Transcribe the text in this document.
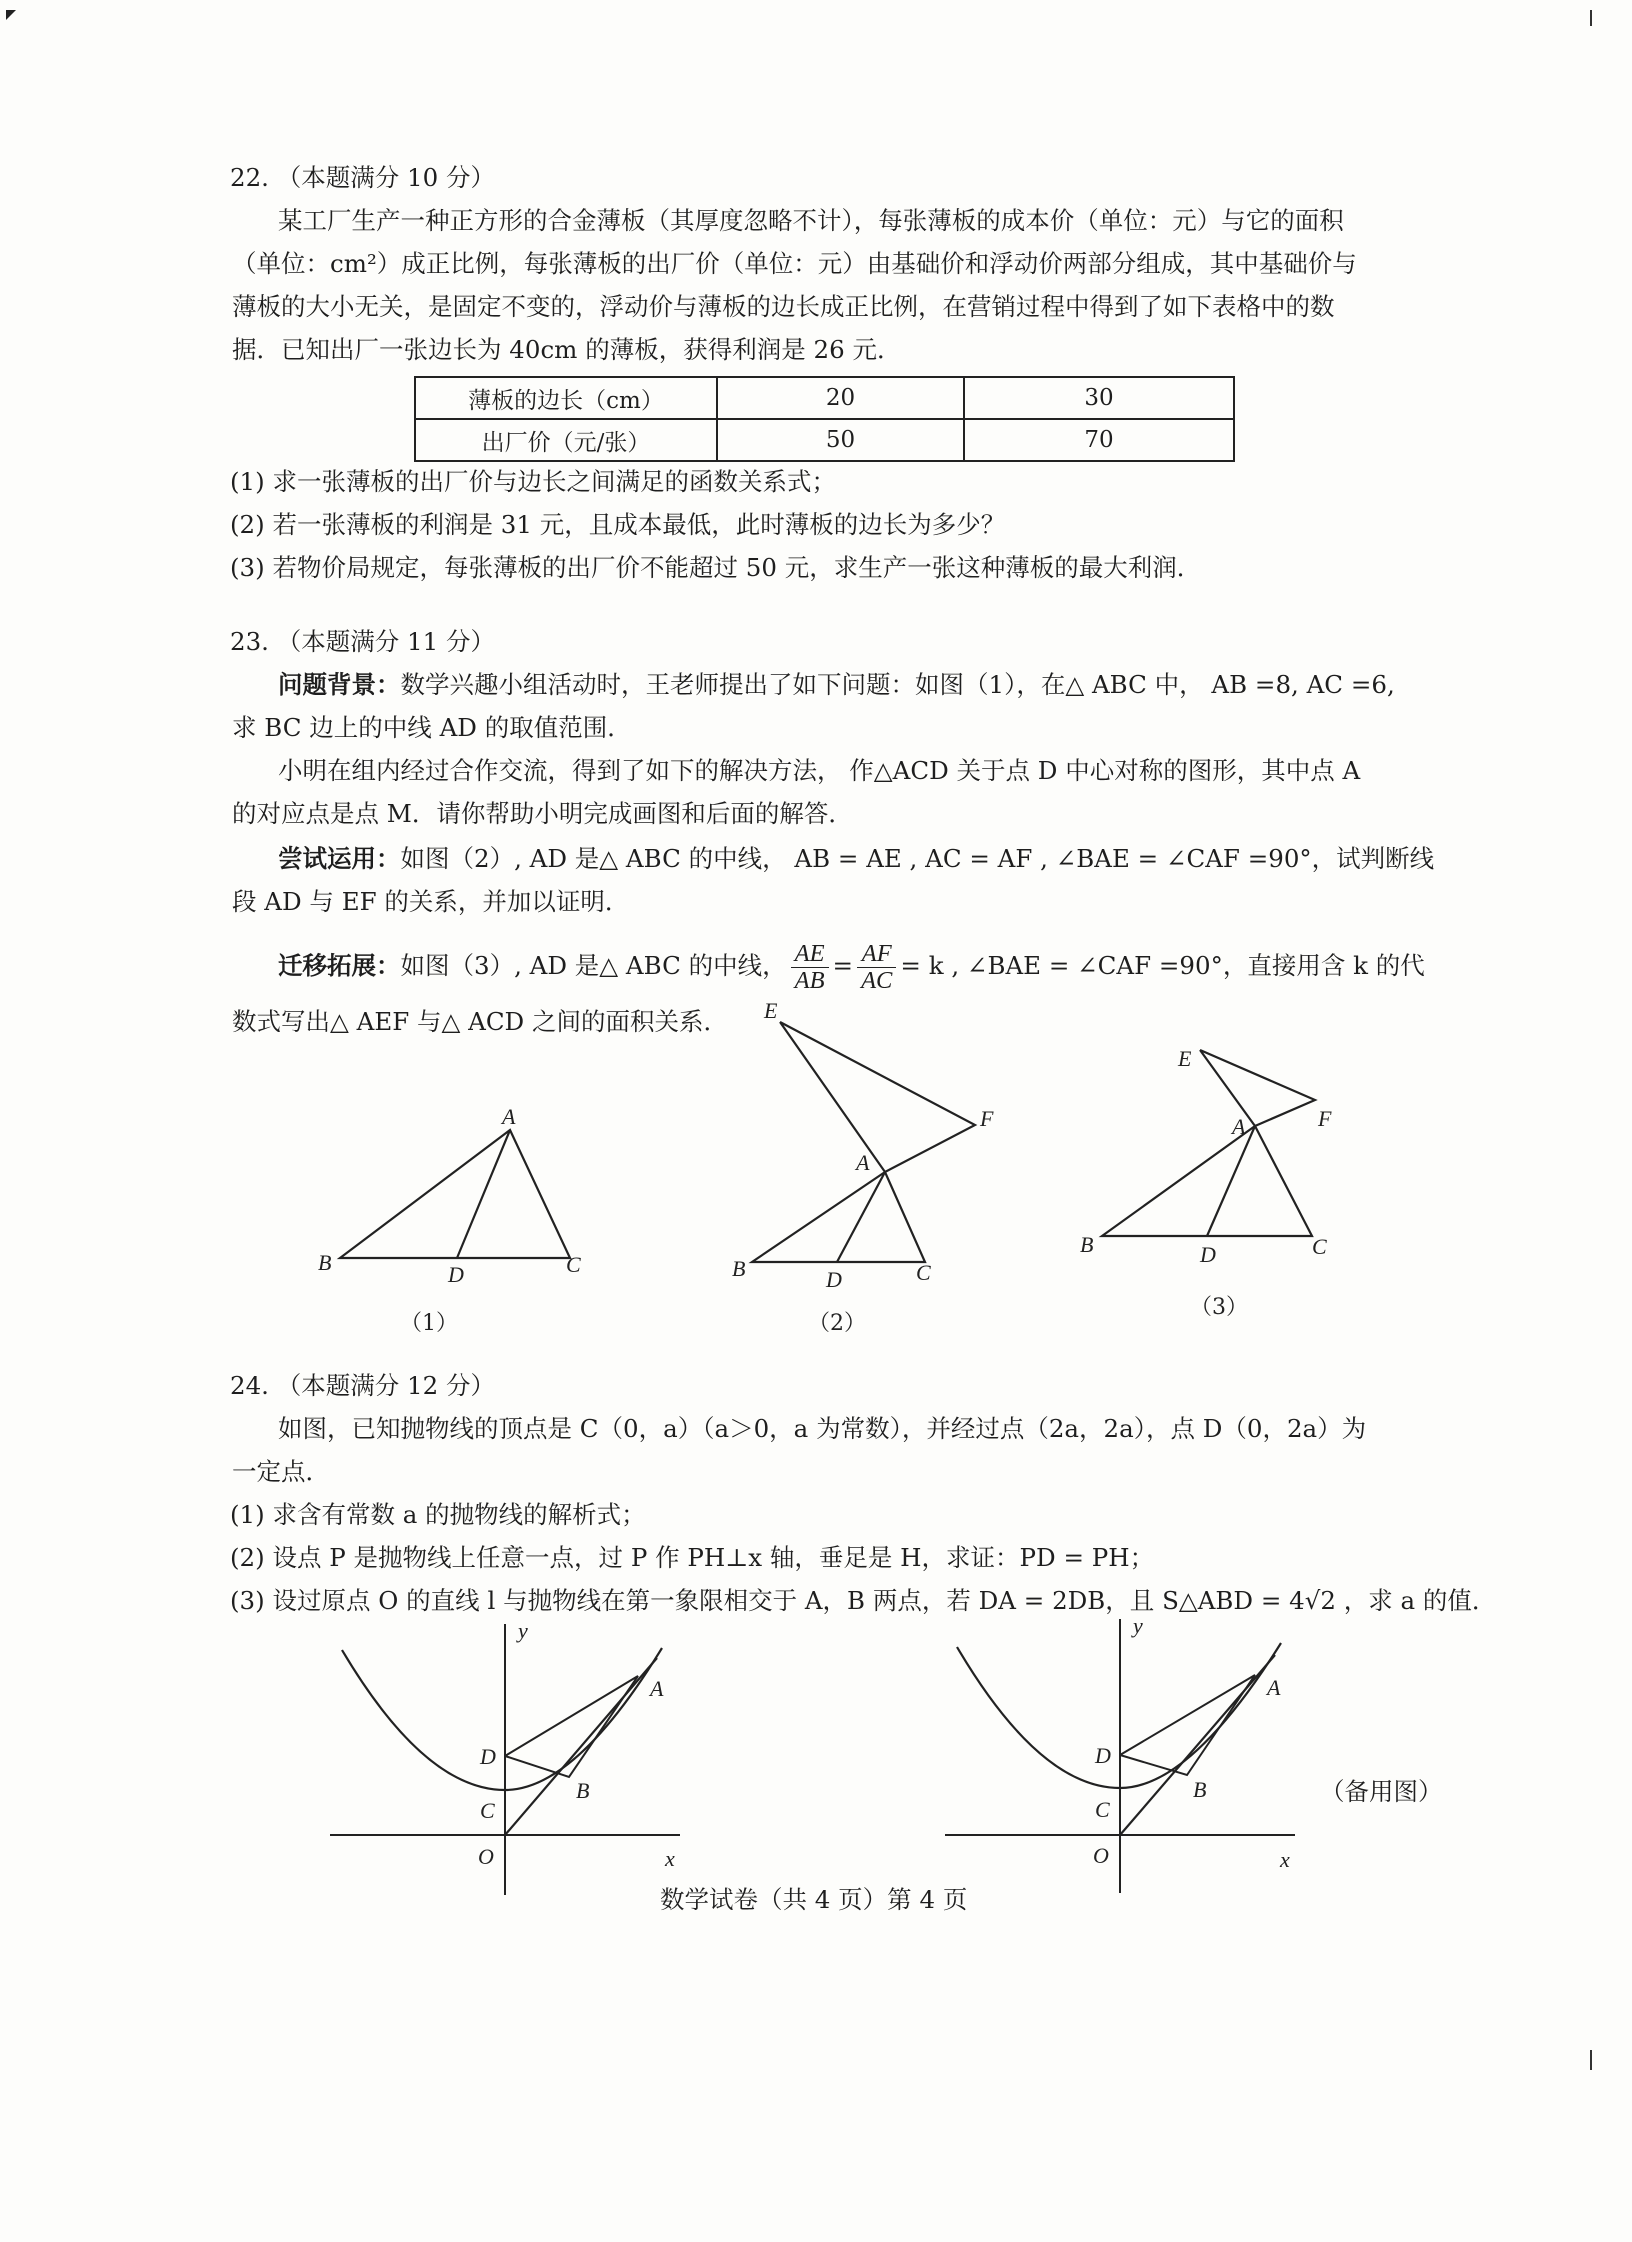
22. （本题满分 10 分）
某工厂生产一种正方形的合金薄板（其厚度忽略不计），每张薄板的成本价（单位：元）与它的面积
（单位：cm²）成正比例，每张薄板的出厂价（单位：元）由基础价和浮动价两部分组成，其中基础价与
薄板的大小无关，是固定不变的，浮动价与薄板的边长成正比例，在营销过程中得到了如下表格中的数
据．已知出厂一张边长为 40cm 的薄板，获得利润是 26 元．
薄板的边长（cm）	20	30
出厂价（元/张）	50	70
(1) 求一张薄板的出厂价与边长之间满足的函数关系式；
(2) 若一张薄板的利润是 31 元，且成本最低，此时薄板的边长为多少？
(3) 若物价局规定，每张薄板的出厂价不能超过 50 元，求生产一张这种薄板的最大利润．
23. （本题满分 11 分）
问题背景：数学兴趣小组活动时，王老师提出了如下问题：如图（1），在△ ABC 中， AB =8, AC =6,
求 BC 边上的中线 AD 的取值范围．
小明在组内经过合作交流，得到了如下的解决方法， 作△ACD 关于点 D 中心对称的图形，其中点 A
的对应点是点 M．请你帮助小明完成画图和后面的解答．
尝试运用：如图（2）, AD 是△ ABC 的中线， AB = AE , AC = AF , ∠BAE = ∠CAF =90°，试判断线
段 AD 与 EF 的关系，并加以证明．
迁移拓展：如图（3）, AD 是△ ABC 的中线， $\frac{AE}{AB} = \frac{AF}{AC} = k$ , ∠BAE = ∠CAF =90°，直接用含 k 的代
数式写出△ AEF 与△ ACD 之间的面积关系．
A
B	D	C
（1）
E
F
A
B	D	C
（2）
E
F
A
B	D	C
（3）
24. （本题满分 12 分）
如图，已知抛物线的顶点是 C（0，a）（a＞0，a 为常数），并经过点（2a，2a），点 D（0，2a）为
一定点．
(1) 求含有常数 a 的抛物线的解析式；
(2) 设点 P 是抛物线上任意一点，过 P 作 PH⊥x 轴，垂足是 H，求证：PD = PH；
(3) 设过原点 O 的直线 l 与抛物线在第一象限相交于 A，B 两点，若 DA = 2DB，且 S△ABD = 4√2 ，求 a 的值．
y
x
O
A
B
C
D
y
x
O
A
B
C
D
（备用图）
数学试卷（共 4 页）第 4 页
